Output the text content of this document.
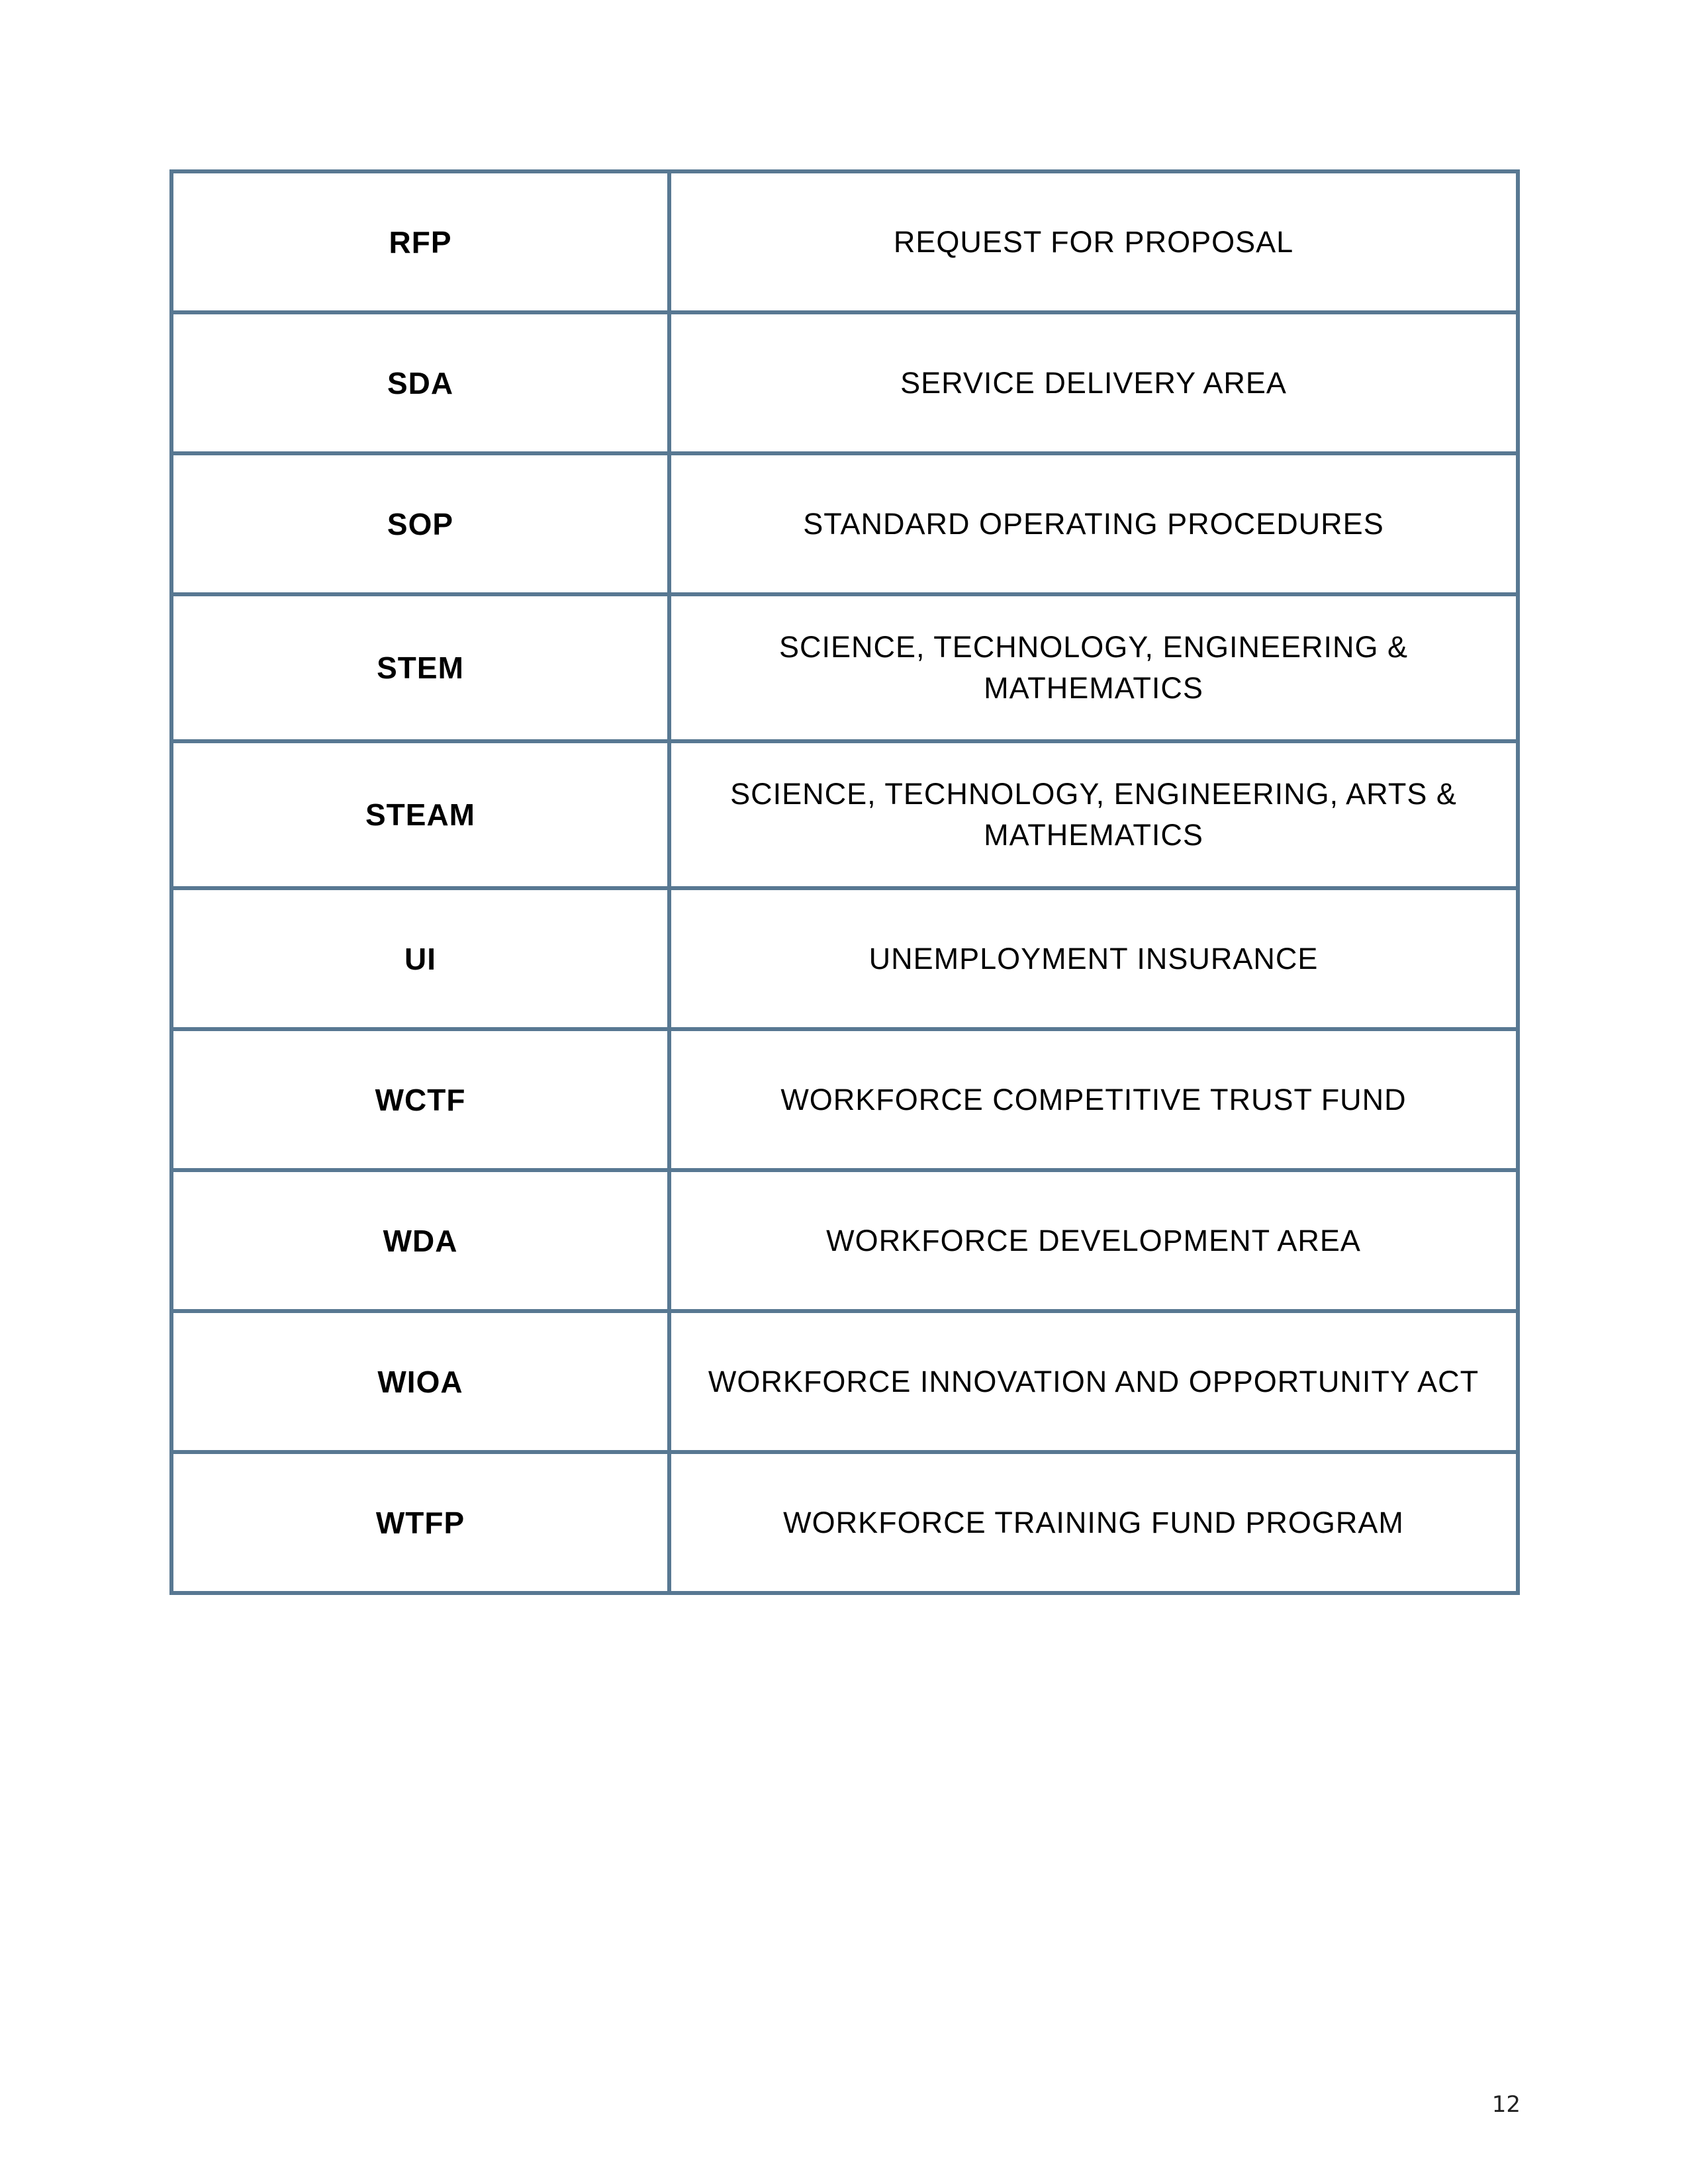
RFP	REQUEST FOR PROPOSAL
SDA	SERVICE DELIVERY AREA
SOP	STANDARD OPERATING PROCEDURES
STEM	SCIENCE, TECHNOLOGY, ENGINEERING &
MATHEMATICS
STEAM	SCIENCE, TECHNOLOGY, ENGINEERING, ARTS &
MATHEMATICS
UI	UNEMPLOYMENT INSURANCE
WCTF	WORKFORCE COMPETITIVE TRUST FUND
WDA	WORKFORCE DEVELOPMENT AREA
WIOA	WORKFORCE INNOVATION AND OPPORTUNITY ACT
WTFP	WORKFORCE TRAINING FUND PROGRAM
12
